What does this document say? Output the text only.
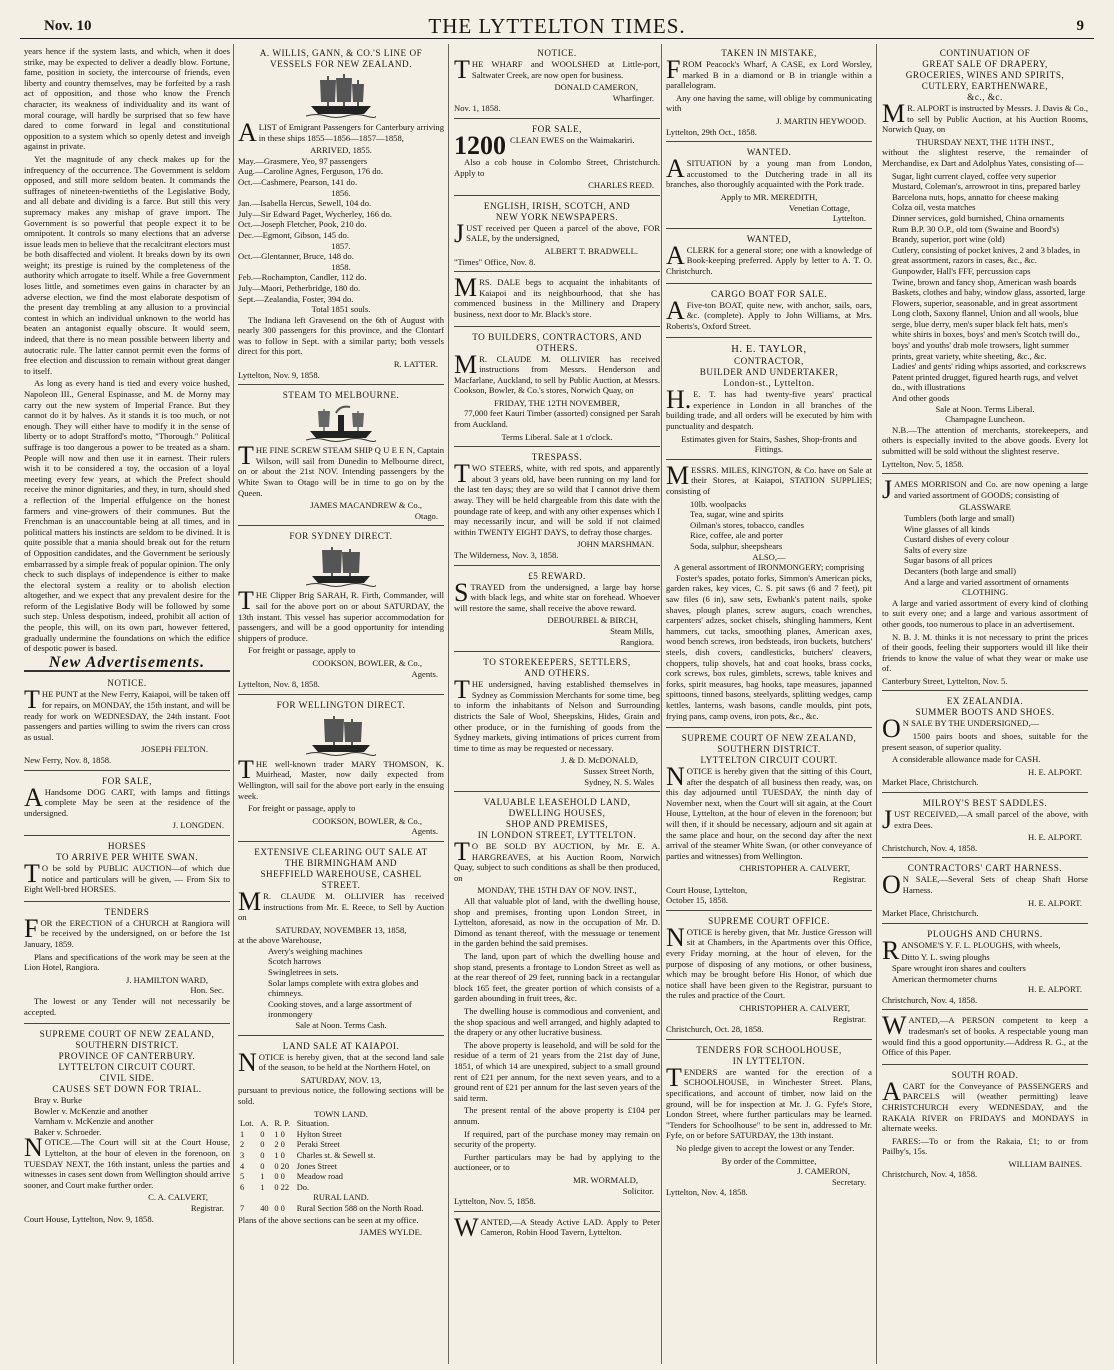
Nov. 10	THE LYTTELTON TIMES.	9

years hence if the system lasts, and which, when it does strike, may be expected to deliver a deadly blow. Fortune, fame, position in society, the intercourse of friends, even liberty and country themselves, may be forfeited by a rash act of opposition, and those who know the French character, its weakness of individuality and its want of moral courage, will hardly be surprised that so few have dared to come forward in legal and constitutional opposition to a system which so openly detest and inveigh against in private.

Yet the magnitude of any check makes up for the infrequency of the occurrence. The Government is seldom opposed, and still more seldom beaten. It commands the suffrages of nineteen-twentieths of the Legislative Body, and all debate and dividing is a farce. But still this very supremacy makes any mishap of grave import. The Government is so powerful that people expect it to be omnipotent. It controls so many elections that an adverse issue leads men to believe that the recalcitrant electors must be both disaffected and violent. It breaks down by its own weight; its prestige is ruined by the completeness of the authority which arrogate to itself. While a free Government loses little, and sometimes even gains in character by an adverse election, we find the most elaborate despotism of the present day trembling at any allusion to a provincial contest in which an individual unknown to the world has beaten an antagonist equally obscure. It would seem, indeed, that there is no mean possible between liberty and autocratic rule. The latter cannot permit even the forms of free election and discussion to remain without great danger to itself.

As long as every hand is tied and every voice hushed, Napoleon III., General Espinasse, and M. de Morny may carry out the new system of Imperial France. But they cannot do it by halves. As it stands it is too much, or not enough. They will either have to modify it in the sense of liberty or to adopt Strafford's motto, "Thorough." Political suffrage is too dangerous a power to be treated as a sham. People will now and then use it in earnest. Their rulers wish it to be considered a toy, the occasion of a loyal meeting every few years, at which the Prefect should receive the minor dignitaries, and they, in turn, should shed a reflection of the Imperial effulgence on the honest farmers and vine-growers of their communes. But the Frenchman is an unaccountable being at all times, and in political matters his instincts are seldom to be divined. It is quite possible that a mania should break out for the return of Opposition candidates, and the Government be seriously embarrassed by a simple freak of popular opinion. The only check to such displays of independence is either to make the electoral system a reality or to abolish election altogether, and we expect that any prevalent desire for the reform of the Legislative Body will be followed by some such step. Unless despotism, indeed, prohibit all action of the people, this will, on its own part, however fettered, gradually undermine the foundations on which the edifice of despotic power is based.

New Advertisements.
NOTICE.

THE PUNT at the New Ferry, Kaiapoi, will be taken off for repairs, on MONDAY, the 15th instant, and will be ready for work on WEDNESDAY, the 24th instant. Foot passengers and parties willing to swim the rivers can cross as usual.

JOSEPH FELTON.
New Ferry, Nov. 8, 1858.
FOR SALE,

AHandsome DOG CART, with lamps and fittings complete May be seen at the residence of the undersigned.

J. LONGDEN.
HORSES
TO ARRIVE PER WHITE SWAN.

TO be sold by PUBLIC AUCTION—of which due notice and particulars will be given, — From Six to Eight Well-bred HORSES.

TENDERS

FOR the ERECTION of a CHURCH at Rangiora will be received by the undersigned, on or before the 1st January, 1859.

Plans and specifications of the work may be seen at the Lion Hotel, Rangiora.

J. HAMILTON WARD,
Hon. Sec.

The lowest or any Tender will not necessarily be accepted.

SUPREME COURT OF NEW ZEALAND,
SOUTHERN DISTRICT.
PROVINCE OF CANTERBURY.
LYTTELTON CIRCUIT COURT.
CIVIL SIDE.
CAUSES SET DOWN FOR TRIAL.
Bray v. Burke
Bowler v. McKenzie and another
Varnham v. McKenzie and another
Baker v. Schroeder.

NOTICE.—The Court will sit at the Court House, Lyttelton, at the hour of eleven in the forenoon, on TUESDAY NEXT, the 16th instant, unless the parties and witnesses in cases sent down from Wellington should arrive sooner, and Court make further order.

C. A. CALVERT,
Registrar.
Court House, Lyttelton, Nov. 9, 1858.
A. WILLIS, GANN, & CO.'S LINE OF
VESSELS FOR NEW ZEALAND.

ALIST of Emigrant Passengers for Canterbury arriving in these ships 1855—1856—1857—1858,

ARRIVED, 1855.
May.—Grasmere, Yeo, 97 passengers
Aug.—Caroline Agnes, Ferguson, 176 do.
Oct.—Cashmere, Pearson, 141 do.
1856.
Jan.—Isabella Hercus, Sewell, 104 do.
July—Sir Edward Paget, Wycherley, 166 do.
Oct.—Joseph Fletcher, Pook, 210 do.
Dec.—Egmont, Gibson, 145 do.
1857.
Oct.—Glentanner, Bruce, 148 do.
1858.
Feb.—Rochampton, Candler, 112 do.
July—Maori, Petherbridge, 180 do.
Sept.—Zealandia, Foster, 394 do.
Total 1851 souls.

The Indiana left Gravesend on the 6th of August with nearly 300 passengers for this province, and the Clontarf was to follow in Sept. with a similar party; both vessels direct for this port.

R. LATTER.
Lyttelton, Nov. 9, 1858.
STEAM TO MELBOURNE.

THE FINE SCREW STEAM SHIP Q U E E N, Captain Wilson, will sail from Dunedin to Melbourne direct, on or about the 21st NOV. Intending passengers by the White Swan to Otago will be in time to go on by the Queen.

JAMES MACANDREW & Co.,
Otago.
FOR SYDNEY DIRECT.

THE Clipper Brig SARAH, R. Firth, Commander, will sail for the above port on or about SATURDAY, the 13th instant. This vessel has superior accommodation for passengers, and will be a good opportunity for intending shippers of produce.

For freight or passage, apply to

COOKSON, BOWLER, & Co.,
Agents.
Lyttelton, Nov. 8, 1858.
FOR WELLINGTON DIRECT.

THE well-known trader MARY THOMSON, K. Muirhead, Master, now daily expected from Wellington, will sail for the above port early in the ensuing week.

For freight or passage, apply to

COOKSON, BOWLER, & Co.,
Agents.
EXTENSIVE CLEARING OUT SALE AT
THE BIRMINGHAM AND
SHEFFIELD WAREHOUSE, CASHEL
STREET.

MR. CLAUDE M. OLLIVIER has received instructions from Mr. E. Reece, to Sell by Auction on

SATURDAY, NOVEMBER 13, 1858,
at the above Warehouse,
Avery's weighing machines
Scotch harrows
Swingletrees in sets.
Solar lamps complete with extra globes and chimneys.
Cooking stoves, and a large assortment of ironmongery
Sale at Noon. Terms Cash.
LAND SALE AT KAIAPOI.

NOTICE is hereby given, that at the second land sale of the season, to be held at the Northern Hotel, on

SATURDAY, NOV. 13,

pursuant to previous notice, the following sections will be sold.

TOWN LAND.
Lot.	A.	R. P.	Situation.
1	0	1 0	Hylton Street
2	0	2 0	Peraki Street
3	0	1 0	Charles st. & Sewell st.
4	0	0 20	Jones Street
5	1	0 0	Meadow road
6	1	0 22	Do.
RURAL LAND.			
7	40	0 0	Rural Section 588 on the North Road.

Plans of the above sections can be seen at my office.

JAMES WYLDE.
NOTICE.

THE WHARF and WOOLSHED at Little-port, Saltwater Creek, are now open for business.

DONALD CAMERON,
Wharfinger.
Nov. 1, 1858.
FOR SALE,
1200 CLEAN EWES on the Waimakariri.

Also a cob house in Colombo Street, Christchurch. Apply to

CHARLES REED.
ENGLISH, IRISH, SCOTCH, AND
NEW YORK NEWSPAPERS.

JUST received per Queen a parcel of the above, FOR SALE, by the undersigned,

ALBERT T. BRADWELL.
"Times" Office, Nov. 8.

MRS. DALE begs to acquaint the inhabitants of Kaiapoi and its neighbourhood, that she has commenced business in the Millinery and Drapery business, next door to Mr. Black's store.

TO BUILDERS, CONTRACTORS, AND
OTHERS.

MR. CLAUDE M. OLLIVIER has received instructions from Messrs. Henderson and Macfarlane, Auckland, to sell by Public Auction, at Messrs. Cookson, Bowler, & Co.'s stores, Norwich Quay, on

FRIDAY, THE 12TH NOVEMBER,

77,000 feet Kauri Timber (assorted) consigned per Sarah from Auckland.

Terms Liberal. Sale at 1 o'clock.
TRESPASS.

TWO STEERS, white, with red spots, and apparently about 3 years old, have been running on my land for the last ten days; they are so wild that I cannot drive them away. They will be held chargeable from this date with the poundage rate of keep, and with any other expenses which I may necessarily incur, and will be sold if not claimed within TWENTY EIGHT DAYS, to defray those charges.

JOHN MARSHMAN.
The Wilderness, Nov. 3, 1858.
£5 REWARD.

STRAYED from the undersigned, a large bay horse with black legs, and white star on forehead. Whoever will restore the same, shall receive the above reward.

DEBOURBEL & BIRCH,
Steam Mills,
Rangiora.
TO STOREKEEPERS, SETTLERS,
AND OTHERS.

THE undersigned, having established themselves in Sydney as Commission Merchants for some time, beg to inform the inhabitants of Nelson and Surrounding districts the Sale of Wool, Sheepskins, Hides, Grain and other produce, or in the furnishing of goods from the Sydney markets, giving intimations of prices current from time to time as may be requested or necessary.

J. & D. McDONALD,
Sussex Street North,
Sydney, N. S. Wales
VALUABLE LEASEHOLD LAND,
DWELLING HOUSES,
SHOP AND PREMISES,
IN LONDON STREET, LYTTELTON.

TO BE SOLD BY AUCTION, by Mr. E. A. HARGREAVES, at his Auction Room, Norwich Quay, subject to such conditions as shall be then produced, on

MONDAY, THE 15TH DAY OF NOV. INST.,

All that valuable plot of land, with the dwelling house, shop and premises, fronting upon London Street, in Lyttelton, aforesaid, as now in the occupation of Mr. D. Dimond as tenant thereof, with the messuage or tenement in the garden behind the said premises.

The land, upon part of which the dwelling house and shop stand, presents a frontage to London Street as well as at the rear thereof of 29 feet, running back in a rectangular block 165 feet, the greater portion of which consists of a garden abounding in fruit trees, &c.

The dwelling house is commodious and convenient, and the shop spacious and well arranged, and highly adapted to the drapery or any other lucrative business.

The above property is leasehold, and will be sold for the residue of a term of 21 years from the 21st day of June, 1851, of which 14 are unexpired, subject to a small ground rent of £21 per annum, for the next seven years, and to a ground rent of £21 per annum for the last seven years of the said term.

The present rental of the above property is £104 per annum.

If required, part of the purchase money may remain on security of the property.

Further particulars may be had by applying to the auctioneer, or to

MR. WORMALD,
Solicitor.
Lyttelton, Nov. 5, 1858.

WANTED,—A Steady Active LAD. Apply to Peter Cameron, Robin Hood Tavern, Lyttelton.

TAKEN IN MISTAKE,

FROM Peacock's Wharf, A CASE, ex Lord Worsley, marked B in a diamond or B in triangle within a parallelogram.

Any one having the same, will oblige by communicating with

J. MARTIN HEYWOOD.
Lyttelton, 29th Oct., 1858.
WANTED.

ASITUATION by a young man from London, accustomed to the Dutchering trade in all its branches, also thoroughly acquainted with the Pork trade.

Apply to MR. MEREDITH,
Venetian Cottage,
Lyttelton.
WANTED,

ACLERK for a general store; one with a knowledge of Book-keeping preferred. Apply by letter to A. T. O. Christchurch.

CARGO BOAT FOR SALE.

AFive-ton BOAT, quite new, with anchor, sails, oars, &c. (complete). Apply to John Williams, at Mrs. Roberts's, Oxford Street.

H. E. TAYLOR,
CONTRACTOR,
BUILDER AND UNDERTAKER,
London-st., Lyttelton.

H.E. T. has had twenty-five years' practical experience in London in all branches of the building trade, and all orders will be executed by him with punctuality and despatch.

Estimates given for Stairs, Sashes, Shop-fronts and Fittings.

MESSRS. MILES, KINGTON, & Co. have on Sale at their Stores, at Kaiapoi, STATION SUPPLIES; consisting of

10lb. woolpacks
Tea, sugar, wine and spirits
Oilman's stores, tobacco, candles
Rice, coffee, ale and porter
Soda, sulphur, sheepshears
ALSO,—
A general assortment of IRONMONGERY; comprising

Foster's spades, potato forks, Simmon's American picks, garden rakes, key vices, C. S. pit saws (6 and 7 feet), pit saw files (6 in), saw sets, Ewbank's patent nails, spoke shaves, plough planes, screw augurs, coach wrenches, carpenters' adzes, socket chisels, shingling hammers, Kent hammers, cut tacks, smoothing planes, American axes, wood bench screws, iron bedsteads, iron buckets, butchers' steels, dish covers, candlesticks, butchers' cleavers, choppers, tulip shovels, hat and coat hooks, brass cocks, cork screws, box rules, gimblets, screws, table knives and forks, spirit measures, bag hooks, tape measures, japanned spittoons, tinned basons, steelyards, splitting wedges, camp kettles, lanterns, wash basons, candle moulds, pint pots, frying pans, camp ovens, iron pots, &c., &c.

SUPREME COURT OF NEW ZEALAND,
SOUTHERN DISTRICT.
LYTTELTON CIRCUIT COURT.

NOTICE is hereby given that the sitting of this Court, after the despatch of all business then ready, was, on this day adjourned until TUESDAY, the ninth day of November next, when the Court will sit again, at the Court House, Lyttelton, at the hour of eleven in the forenoon; but will then, if it should be necessary, adjourn and sit again at the same place and hour, on the second day after the next arrival of the steamer White Swan, (or other conveyance of parties and witnesses) from Wellington.

CHRISTOPHER A. CALVERT,
Registrar.
Court House, Lyttelton,
October 15, 1858.
SUPREME COURT OFFICE.

NOTICE is hereby given, that Mr. Justice Gresson will sit at Chambers, in the Apartments over this Office, every Friday morning, at the hour of eleven, for the purpose of disposing of any motions, or other business, which may be brought before His Honor, of which due notice shall have been given to the Registrar, pursuant to the rules and practice of the Court.

CHRISTOPHER A. CALVERT,
Registrar.
Christchurch, Oct. 28, 1858.
TENDERS FOR SCHOOLHOUSE,
IN LYTTELTON.

TENDERS are wanted for the erection of a SCHOOLHOUSE, in Winchester Street. Plans, specifications, and account of timber, now laid on the ground, will be for inspection at Mr. J. G. Fyfe's Store, London Street, where further particulars may be learned. "Tenders for Schoolhouse" to be sent in, addressed to Mr. Fyfe, on or before SATURDAY, the 13th instant.

No pledge given to accept the lowest or any Tender.

By order of the Committee,
J. CAMERON,
Secretary.
Lyttelton, Nov. 4, 1858.
CONTINUATION OF
GREAT SALE OF DRAPERY,
GROCERIES, WINES AND SPIRITS,
CUTLERY, EARTHENWARE,
&c., &c.

MR. ALPORT is instructed by Messrs. J. Davis & Co., to sell by Public Auction, at his Auction Rooms, Norwich Quay, on

THURSDAY NEXT, THE 11TH INST.,

without the slightest reserve, the remainder of Merchandise, ex Dart and Adolphus Yates, consisting of—

Sugar, light current clayed, coffee very superior
Mustard, Coleman's, arrowroot in tins, prepared barley
Barcelona nuts, hops, annatto for cheese making
Colza oil, vesta matches
Dinner services, gold burnished, China ornaments
Rum B.P. 30 O.P., old tom (Swaine and Boord's)
Brandy, superior, port wine (old)
Cutlery, consisting of pocket knives, 2 and 3 blades, in great assortment, razors in cases, &c., &c.
Gunpowder, Hall's FFF, percussion caps
Twine, brown and fancy shop, American wash boards
Baskets, clothes and baby, window glass, assorted, large
Flowers, superior, seasonable, and in great assortment
Long cloth, Saxony flannel, Union and all wools, blue serge, blue derry, men's super black felt hats, men's white shirts in boxes, boys' and men's Scotch twill do., boys' and youths' drab mole trowsers, light summer prints, great variety, white sheeting, &c., &c.
Ladies' and gents' riding whips assorted, and corkscrews
Patent printed drugget, figured hearth rugs, and velvet do., with illustrations
And other goods
Sale at Noon. Terms Liberal.
Champagne Luncheon.

N.B.—The attention of merchants, storekeepers, and others is especially invited to the above goods. Every lot submitted will be sold without the slightest reserve.

Lyttelton, Nov. 5, 1858.

JAMES MORRISON and Co. are now opening a large and varied assortment of GOODS; consisting of

GLASSWARE
Tumblers (both large and small)
Wine glasses of all kinds
Custard dishes of every colour
Salts of every size
Sugar basons of all prices
Decanters (both large and small)
And a large and varied assortment of ornaments
CLOTHING.

A large and varied assortment of every kind of clothing to suit every one; and a large and various assortment of other goods, too numerous to place in an advertisement.

N. B. J. M. thinks it is not necessary to print the prices of their goods, feeling their supporters would ill like their friends to know the value of what they wear or make use of.

Canterbury Street, Lyttelton, Nov. 5.
EX ZEALANDIA.
SUMMER BOOTS AND SHOES.

ON SALE BY THE UNDERSIGNED,—

1500 pairs boots and shoes, suitable for the present season, of superior quality.

A considerable allowance made for CASH.

H. E. ALPORT.
Market Place, Christchurch.
MILROY'S BEST SADDLES.

JUST RECEIVED,—A small parcel of the above, with extra Dees.

H. E. ALPORT.
Christchurch, Nov. 4, 1858.
CONTRACTORS' CART HARNESS.

ON SALE,—Several Sets of cheap Shaft Horse Harness.

H. E. ALPORT.
Market Place, Christchurch.
PLOUGHS AND CHURNS.

RANSOME'S Y. F. L. PLOUGHS, with wheels,

Ditto Y. L. swing ploughs
Spare wrought iron shares and coulters
American thermometer churns
H. E. ALPORT.
Christchurch, Nov. 4, 1858.

WANTED,—A PERSON competent to keep a tradesman's set of books. A respectable young man would find this a good opportunity.—Address R. G., at the Office of this Paper.

SOUTH ROAD.

ACART for the Conveyance of PASSENGERS and PARCELS will (weather permitting) leave CHRISTCHURCH every WEDNESDAY, and the RAKAIA RIVER on FRIDAYS and MONDAYS in alternate weeks.

FARES:—To or from the Rakaia, £1; to or from Pailby's, 15s.

WILLIAM BAINES.
Christchurch, Nov. 4, 1858.
